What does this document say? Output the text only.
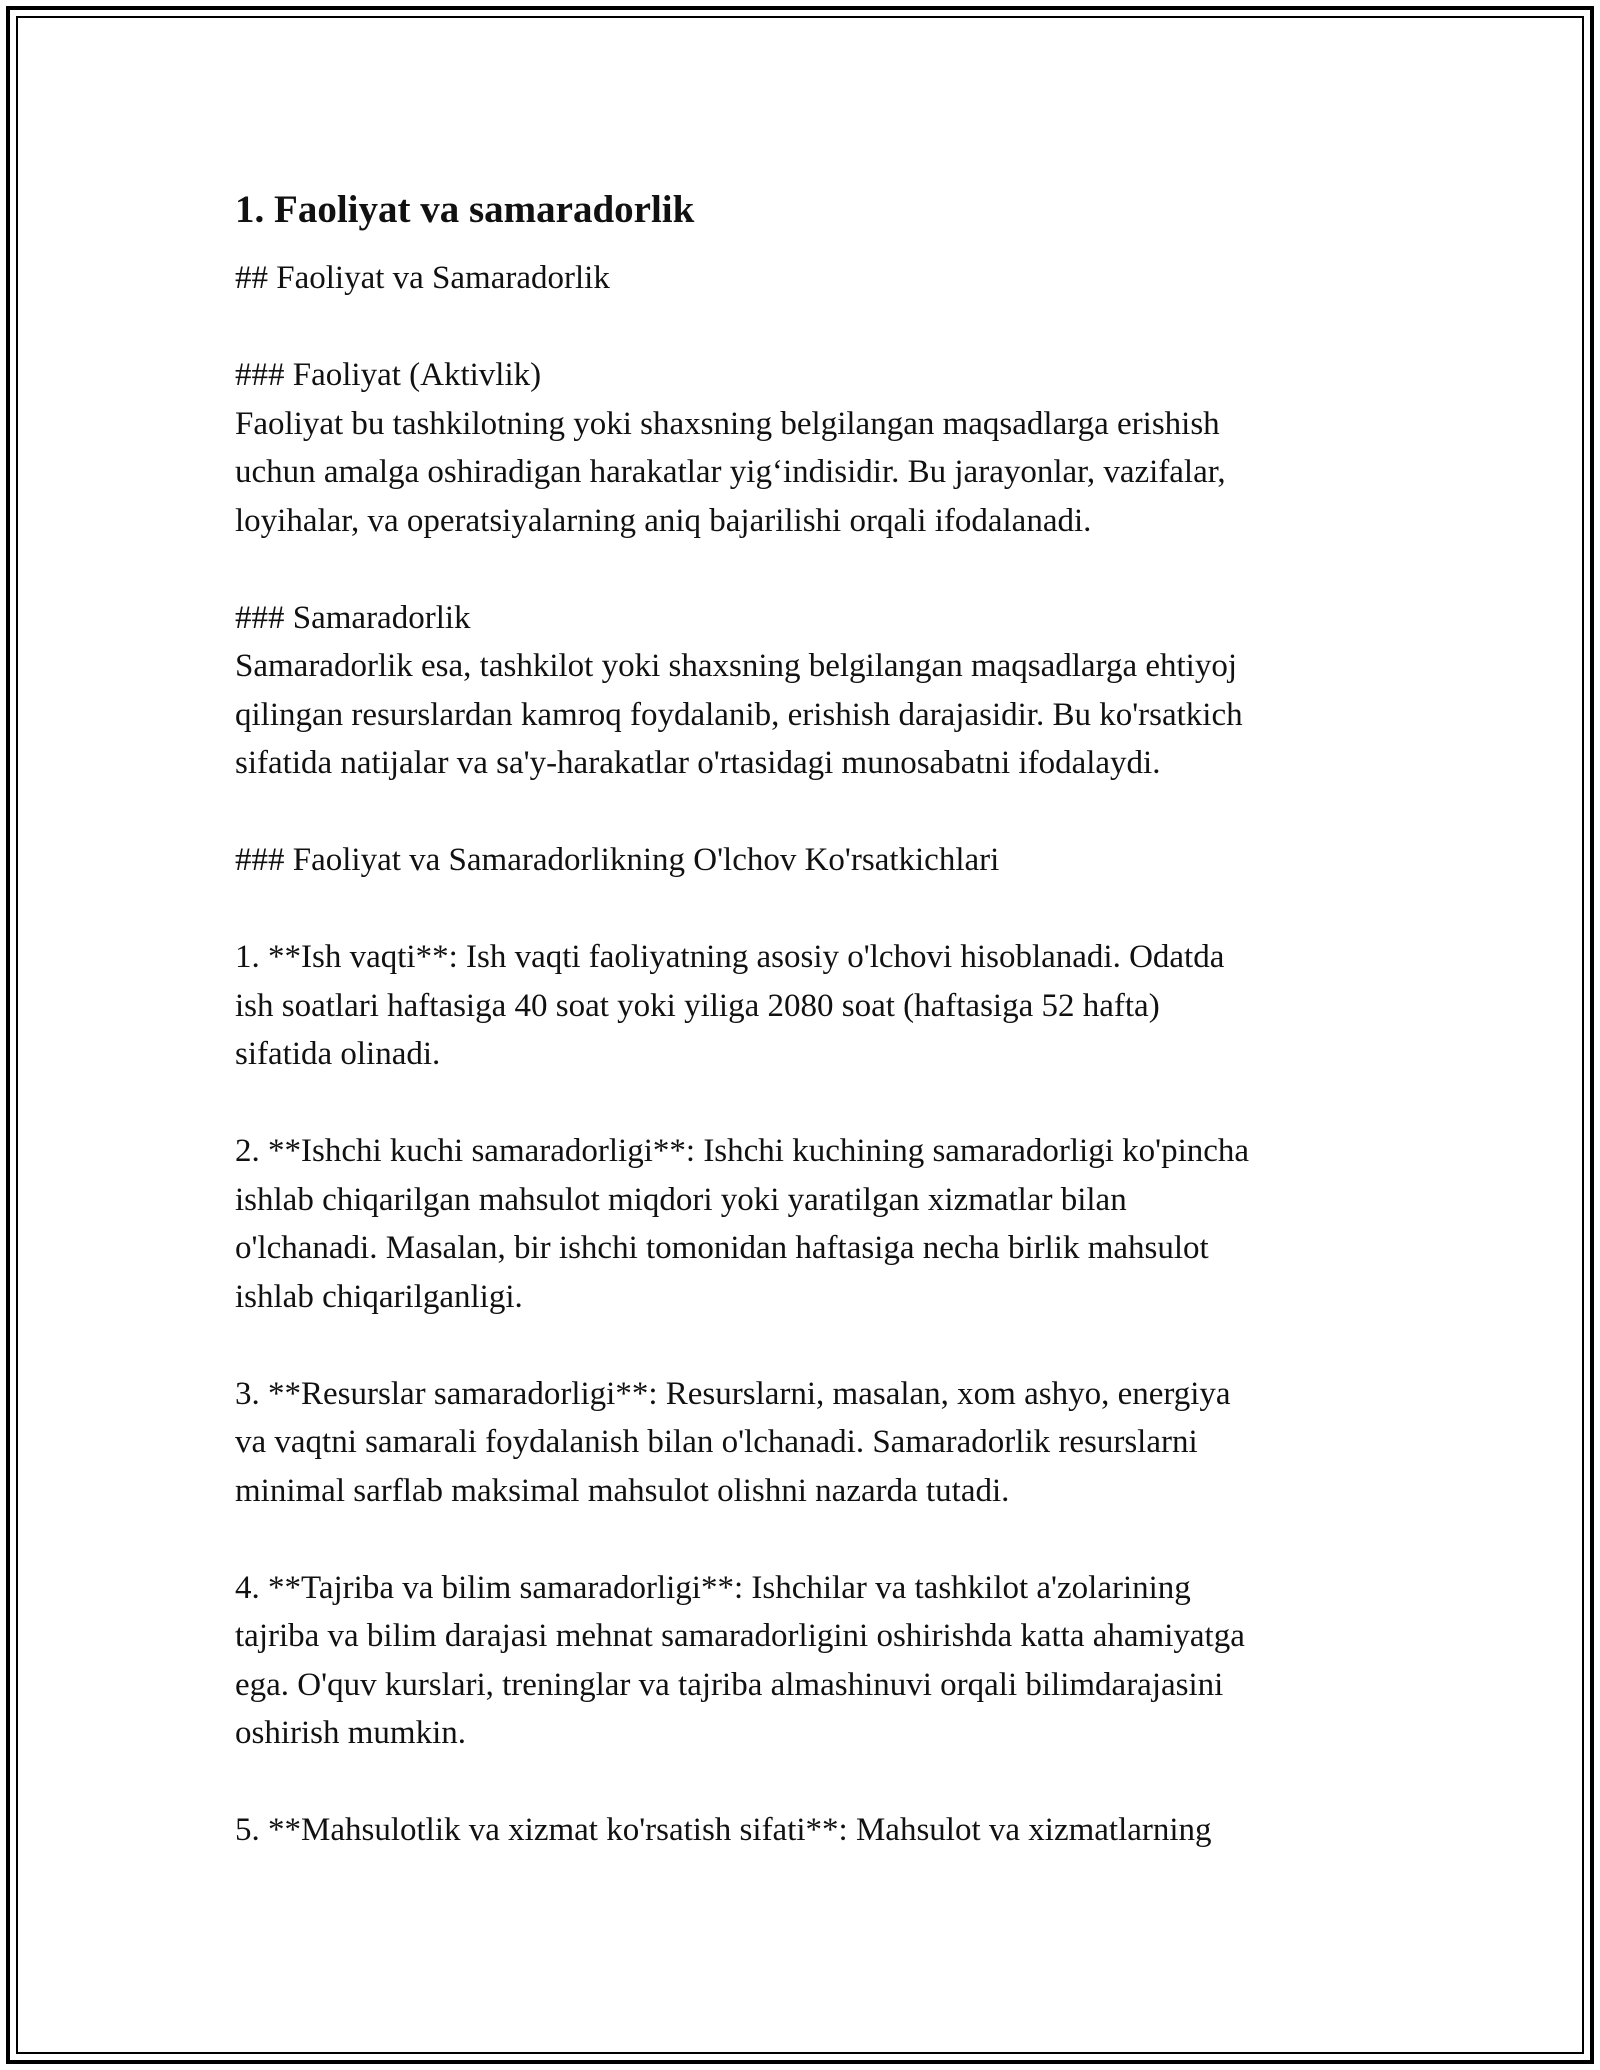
1. Faoliyat va samaradorlik
## Faoliyat va Samaradorlik
### Faoliyat (Aktivlik)
Faoliyat bu tashkilotning yoki shaxsning belgilangan maqsadlarga erishish
uchun amalga oshiradigan harakatlar yig‘indisidir. Bu jarayonlar, vazifalar,
loyihalar, va operatsiyalarning aniq bajarilishi orqali ifodalanadi.
### Samaradorlik
Samaradorlik esa, tashkilot yoki shaxsning belgilangan maqsadlarga ehtiyoj
qilingan resurslardan kamroq foydalanib, erishish darajasidir. Bu ko'rsatkich
sifatida natijalar va sa'y-harakatlar o'rtasidagi munosabatni ifodalaydi.
### Faoliyat va Samaradorlikning O'lchov Ko'rsatkichlari
1. **Ish vaqti**: Ish vaqti faoliyatning asosiy o'lchovi hisoblanadi. Odatda
ish soatlari haftasiga 40 soat yoki yiliga 2080 soat (haftasiga 52 hafta)
sifatida olinadi.
2. **Ishchi kuchi samaradorligi**: Ishchi kuchining samaradorligi ko'pincha
ishlab chiqarilgan mahsulot miqdori yoki yaratilgan xizmatlar bilan
o'lchanadi. Masalan, bir ishchi tomonidan haftasiga necha birlik mahsulot
ishlab chiqarilganligi.
3. **Resurslar samaradorligi**: Resurslarni, masalan, xom ashyo, energiya
va vaqtni samarali foydalanish bilan o'lchanadi. Samaradorlik resurslarni
minimal sarflab maksimal mahsulot olishni nazarda tutadi.
4. **Tajriba va bilim samaradorligi**: Ishchilar va tashkilot a'zolarining
tajriba va bilim darajasi mehnat samaradorligini oshirishda katta ahamiyatga
ega. O'quv kurslari, treninglar va tajriba almashinuvi orqali bilimdarajasini
oshirish mumkin.
5. **Mahsulotlik va xizmat ko'rsatish sifati**: Mahsulot va xizmatlarning
